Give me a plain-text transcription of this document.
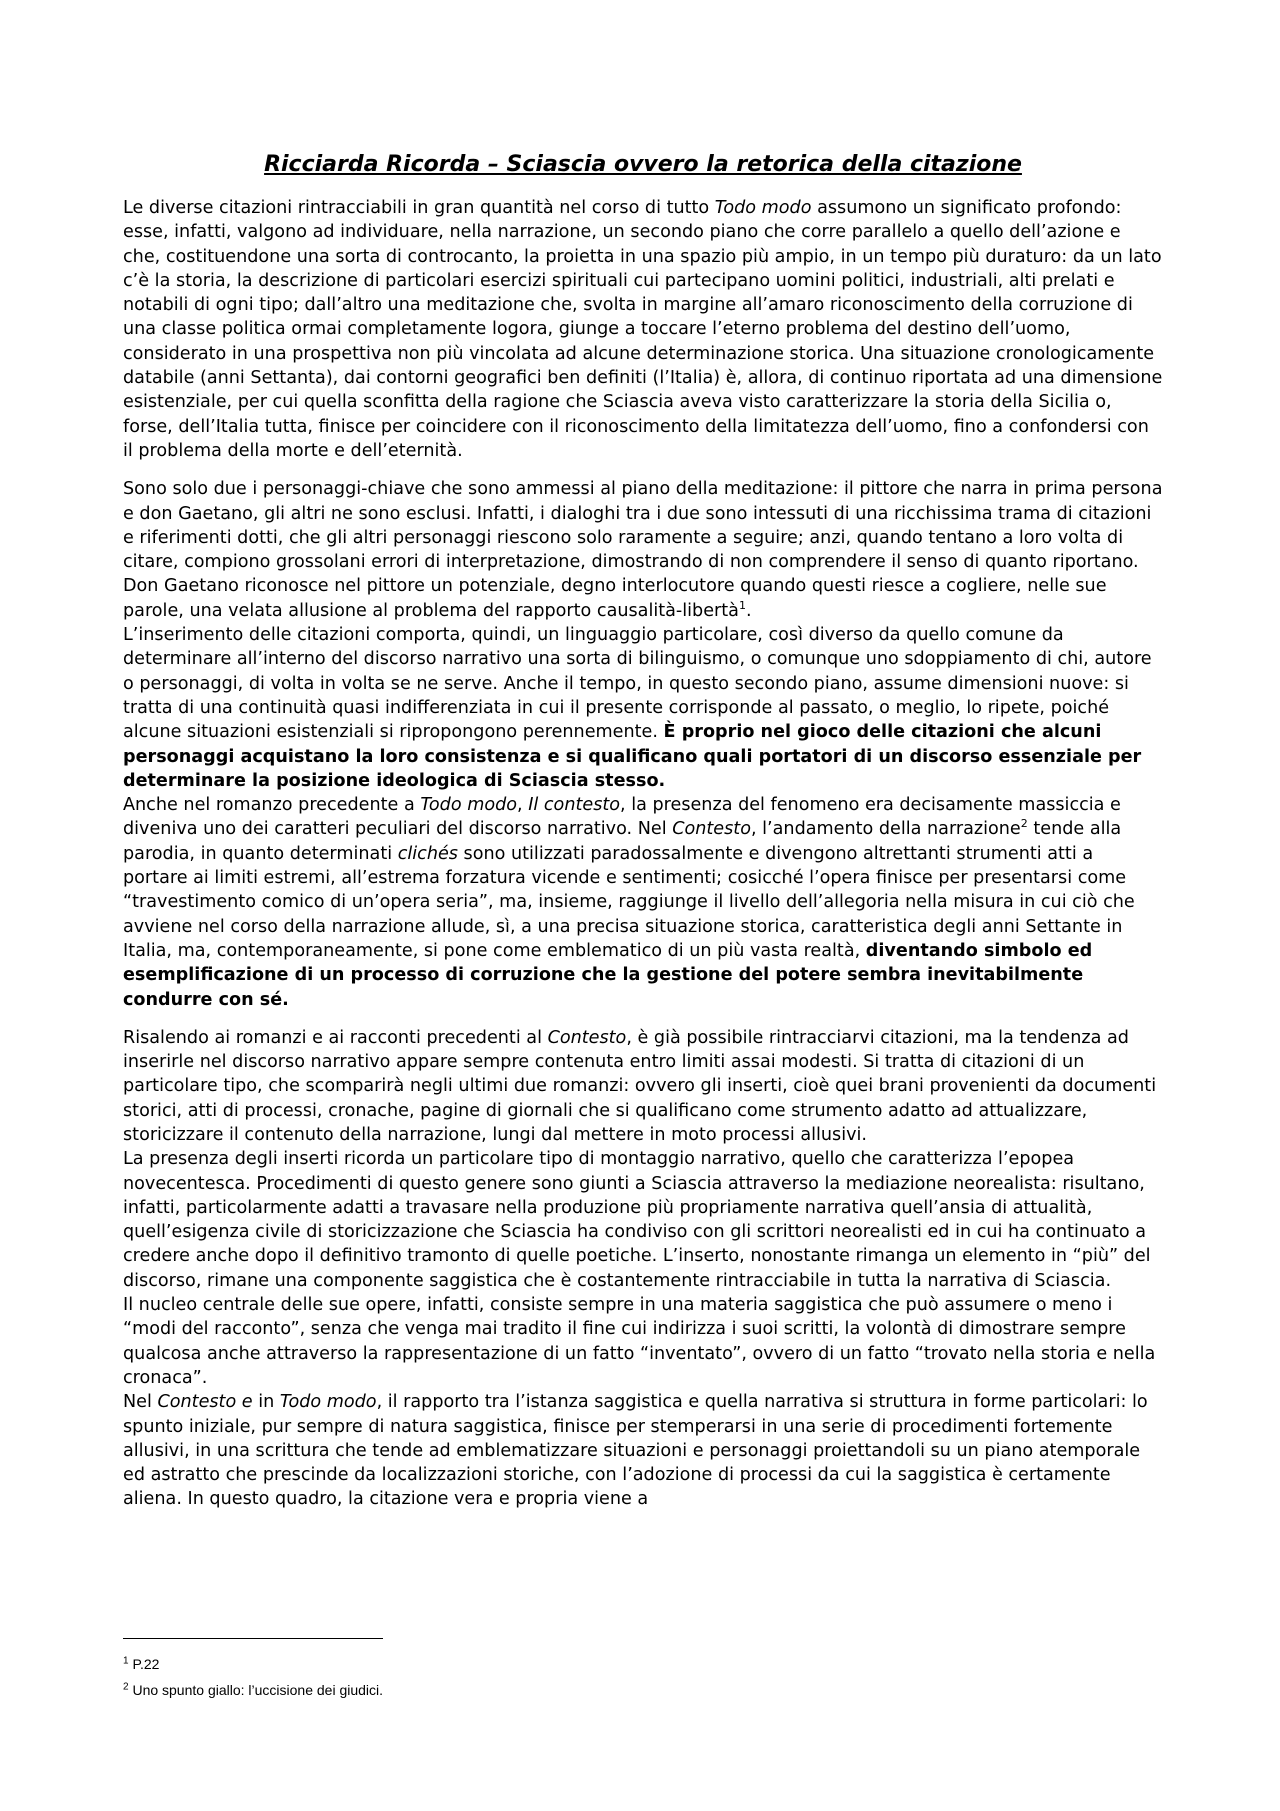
Ricciarda Ricorda – Sciascia ovvero la retorica della citazione

Le diverse citazioni rintracciabili in gran quantità nel corso di tutto Todo modo assumono un significato profondo: esse, infatti, valgono ad individuare, nella narrazione, un secondo piano che corre parallelo a quello dell’azione e che, costituendone una sorta di controcanto, la proietta in una spazio più ampio, in un tempo più duraturo: da un lato c’è la storia, la descrizione di particolari esercizi spirituali cui partecipano uomini politici, industriali, alti prelati e notabili di ogni tipo; dall’altro una meditazione che, svolta in margine all’amaro riconoscimento della corruzione di una classe politica ormai completamente logora, giunge a toccare l’eterno problema del destino dell’uomo, considerato in una prospettiva non più vincolata ad alcune determinazione storica. Una situazione cronologicamente databile (anni Settanta), dai contorni geografici ben definiti (l’Italia) è, allora, di continuo riportata ad una dimensione esistenziale, per cui quella sconfitta della ragione che Sciascia aveva visto caratterizzare la storia della Sicilia o, forse, dell’Italia tutta, finisce per coincidere con il riconoscimento della limitatezza dell’uomo, fino a confondersi con il problema della morte e dell’eternità.

Sono solo due i personaggi-chiave che sono ammessi al piano della meditazione: il pittore che narra in prima persona e don Gaetano, gli altri ne sono esclusi. Infatti, i dialoghi tra i due sono intessuti di una ricchissima trama di citazioni e riferimenti dotti, che gli altri personaggi riescono solo raramente a seguire; anzi, quando tentano a loro volta di citare, compiono grossolani errori di interpretazione, dimostrando di non comprendere il senso di quanto riportano. Don Gaetano riconosce nel pittore un potenziale, degno interlocutore quando questi riesce a cogliere, nelle sue parole, una velata allusione al problema del rapporto causalità-libertà$^1$.

L’inserimento delle citazioni comporta, quindi, un linguaggio particolare, così diverso da quello comune da determinare all’interno del discorso narrativo una sorta di bilinguismo, o comunque uno sdoppiamento di chi, autore o personaggi, di volta in volta se ne serve. Anche il tempo, in questo secondo piano, assume dimensioni nuove: si tratta di una continuità quasi indifferenziata in cui il presente corrisponde al passato, o meglio, lo ripete, poiché alcune situazioni esistenziali si ripropongono perennemente. È proprio nel gioco delle citazioni che alcuni personaggi acquistano la loro consistenza e si qualificano quali portatori di un discorso essenziale per determinare la posizione ideologica di Sciascia stesso.

Anche nel romanzo precedente a Todo modo, Il contesto, la presenza del fenomeno era decisamente massiccia e diveniva uno dei caratteri peculiari del discorso narrativo. Nel Contesto, l’andamento della narrazione$^2$ tende alla parodia, in quanto determinati clichés sono utilizzati paradossalmente e divengono altrettanti strumenti atti a portare ai limiti estremi, all’estrema forzatura vicende e sentimenti; cosicché l’opera finisce per presentarsi come “travestimento comico di un’opera seria”, ma, insieme, raggiunge il livello dell’allegoria nella misura in cui ciò che avviene nel corso della narrazione allude, sì, a una precisa situazione storica, caratteristica degli anni Settante in Italia, ma, contemporaneamente, si pone come emblematico di un più vasta realtà, diventando simbolo ed esemplificazione di un processo di corruzione che la gestione del potere sembra inevitabilmente condurre con sé.

Risalendo ai romanzi e ai racconti precedenti al Contesto, è già possibile rintracciarvi citazioni, ma la tendenza ad inserirle nel discorso narrativo appare sempre contenuta entro limiti assai modesti. Si tratta di citazioni di un particolare tipo, che scomparirà negli ultimi due romanzi: ovvero gli inserti, cioè quei brani provenienti da documenti storici, atti di processi, cronache, pagine di giornali che si qualificano come strumento adatto ad attualizzare, storicizzare il contenuto della narrazione, lungi dal mettere in moto processi allusivi.

La presenza degli inserti ricorda un particolare tipo di montaggio narrativo, quello che caratterizza l’epopea novecentesca. Procedimenti di questo genere sono giunti a Sciascia attraverso la mediazione neorealista: risultano, infatti, particolarmente adatti a travasare nella produzione più propriamente narrativa quell’ansia di attualità, quell’esigenza civile di storicizzazione che Sciascia ha condiviso con gli scrittori neorealisti ed in cui ha continuato a credere anche dopo il definitivo tramonto di quelle poetiche. L’inserto, nonostante rimanga un elemento in “più” del discorso, rimane una componente saggistica che è costantemente rintracciabile in tutta la narrativa di Sciascia.

Il nucleo centrale delle sue opere, infatti, consiste sempre in una materia saggistica che può assumere o meno i “modi del racconto”, senza che venga mai tradito il fine cui indirizza i suoi scritti, la volontà di dimostrare sempre qualcosa anche attraverso la rappresentazione di un fatto “inventato”, ovvero di un fatto “trovato nella storia e nella cronaca”.

Nel Contesto e in Todo modo, il rapporto tra l’istanza saggistica e quella narrativa si struttura in forme particolari: lo spunto iniziale, pur sempre di natura saggistica, finisce per stemperarsi in una serie di procedimenti fortemente allusivi, in una scrittura che tende ad emblematizzare situazioni e personaggi proiettandoli su un piano atemporale ed astratto che prescinde da localizzazioni storiche, con l’adozione di processi da cui la saggistica è certamente aliena. In questo quadro, la citazione vera e propria viene a

$^1$ P.22
$^2$ Uno spunto giallo: l’uccisione dei giudici.
